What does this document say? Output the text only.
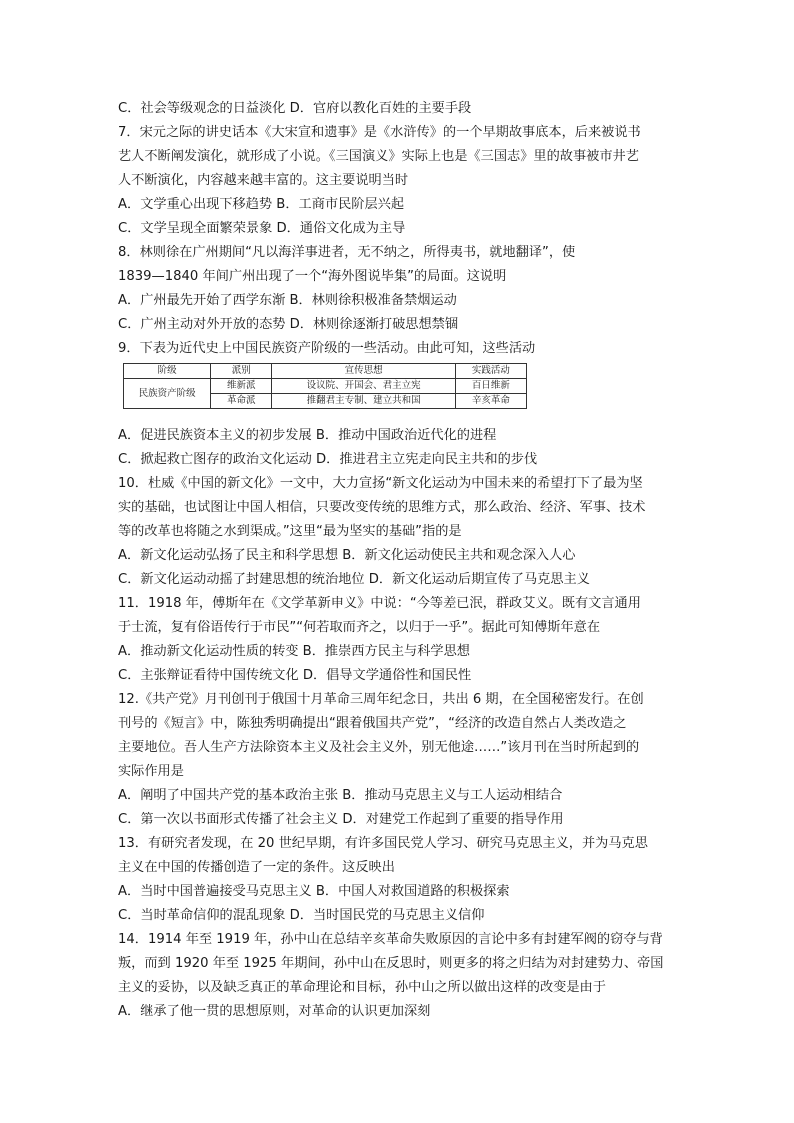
C．社会等级观念的日益淡化 D．官府以教化百姓的主要手段
7．宋元之际的讲史话本《大宋宣和遗事》是《水浒传》的一个早期故事底本，后来被说书
艺人不断阐发演化，就形成了小说。《三国演义》实际上也是《三国志》里的故事被市井艺
人不断演化，内容越来越丰富的。这主要说明当时
A．文学重心出现下移趋势 B．工商市民阶层兴起
C．文学呈现全面繁荣景象 D．通俗文化成为主导
8．林则徐在广州期间“凡以海洋事进者，无不纳之，所得夷书，就地翻译”，使
1839—1840 年间广州出现了一个“海外图说毕集”的局面。这说明
A．广州最先开始了西学东渐 B．林则徐积极准备禁烟运动
C．广州主动对外开放的态势 D．林则徐逐渐打破思想禁锢
9．下表为近代史上中国民族资产阶级的一些活动。由此可知，这些活动
阶级	派别	宣传思想	实践活动
民族资产阶级	维新派	设议院、开国会、君主立宪	百日维新
	革命派	推翻君主专制、建立共和国	辛亥革命
A．促进民族资本主义的初步发展 B．推动中国政治近代化的进程
C．掀起救亡图存的政治文化运动 D．推进君主立宪走向民主共和的步伐
10．杜威《中国的新文化》一文中，大力宣扬“新文化运动为中国未来的希望打下了最为坚
实的基础，也试图让中国人相信，只要改变传统的思维方式，那么政治、经济、军事、技术
等的改革也将随之水到渠成。”这里“最为坚实的基础”指的是
A．新文化运动弘扬了民主和科学思想 B．新文化运动使民主共和观念深入人心
C．新文化运动动摇了封建思想的统治地位 D．新文化运动后期宣传了马克思主义
11．1918 年，傅斯年在《文学革新申义》中说：“今等差已泯，群政艾义。既有文言通用
于士流，复有俗语传行于市民”“何若取而齐之，以归于一乎”。据此可知傅斯年意在
A．推动新文化运动性质的转变 B．推崇西方民主与科学思想
C．主张辩证看待中国传统文化 D．倡导文学通俗性和国民性
12.《共产党》月刊创刊于俄国十月革命三周年纪念日，共出 6 期，在全国秘密发行。在创
刊号的《短言》中，陈独秀明确提出“跟着俄国共产党”，“经济的改造自然占人类改造之
主要地位。吾人生产方法除资本主义及社会主义外，别无他途……”该月刊在当时所起到的
实际作用是
A．阐明了中国共产党的基本政治主张 B．推动马克思主义与工人运动相结合
C．第一次以书面形式传播了社会主义 D．对建党工作起到了重要的指导作用
13．有研究者发现，在 20 世纪早期，有许多国民党人学习、研究马克思主义，并为马克思
主义在中国的传播创造了一定的条件。这反映出
A．当时中国普遍接受马克思主义 B．中国人对救国道路的积极探索
C．当时革命信仰的混乱现象 D．当时国民党的马克思主义信仰
14．1914 年至 1919 年，孙中山在总结辛亥革命失败原因的言论中多有封建军阀的窃夺与背
叛，而到 1920 年至 1925 年期间，孙中山在反思时，则更多的将之归结为对封建势力、帝国
主义的妥协，以及缺乏真正的革命理论和目标，孙中山之所以做出这样的改变是由于
A．继承了他一贯的思想原则，对革命的认识更加深刻
